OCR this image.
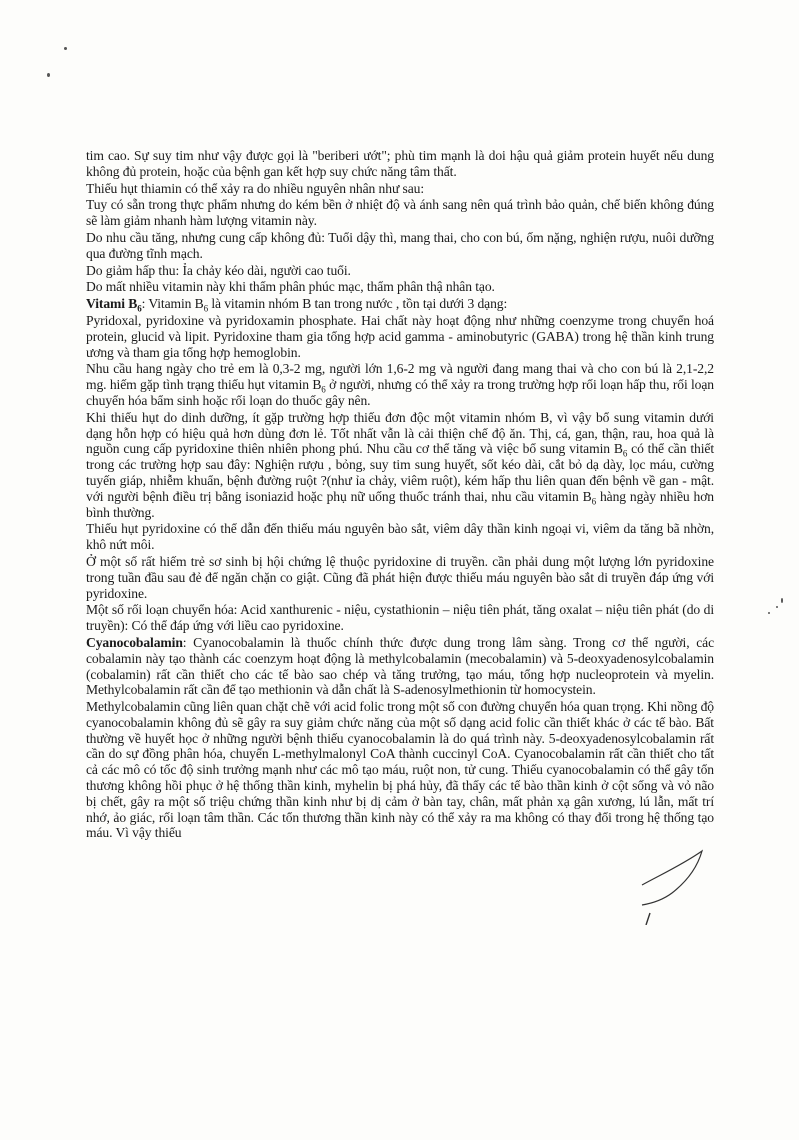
tim cao. Sự suy tim như vậy được gọi là "beriberi ướt"; phù tim mạnh là doi hậu quả giảm protein huyết nếu dung không đủ protein, hoặc của bệnh gan kết hợp suy chức năng tâm thất.

Thiếu hụt thiamin có thể xảy ra do nhiều nguyên nhân như sau:

Tuy có sẵn trong thực phẩm nhưng do kém bền ở nhiệt độ và ánh sang nên quá trình bảo quản, chế biến không đúng sẽ làm giảm nhanh hàm lượng vitamin này.

Do nhu cầu tăng, nhưng cung cấp không đủ: Tuổi dậy thì, mang thai, cho con bú, ốm nặng, nghiện rượu, nuôi dưỡng qua đường tĩnh mạch.

Do giảm hấp thu: Ỉa chảy kéo dài, người cao tuổi.

Do mất nhiều vitamin này khi thẩm phân phúc mạc, thẩm phân thậ nhân tạo.

Vitami $B_6$: Vitamin $B_6$ là vitamin nhóm B tan trong nước , tồn tại dưới 3 dạng:

Pyridoxal, pyridoxine và pyridoxamin phosphate. Hai chất này hoạt động như những coenzyme trong chuyển hoá protein, glucid và lipit. Pyridoxine tham gia tổng hợp acid gamma - aminobutyric (GABA) trong hệ thần kinh trung ương và tham gia tổng hợp hemoglobin.

Nhu cầu hang ngày cho trẻ em là 0,3-2 mg, người lớn 1,6-2 mg và người đang mang thai và cho con bú là 2,1-2,2 mg. hiếm gặp tình trạng thiếu hụt vitamin $B_6$ ở người, nhưng có thể xảy ra trong trường hợp rối loạn hấp thu, rối loạn chuyển hóa bẩm sinh hoặc rối loạn do thuốc gây nên.

Khi thiếu hụt do dinh dưỡng, ít gặp trường hợp thiếu đơn độc một vitamin nhóm B, vì vậy bổ sung vitamin dưới dạng hỗn hợp có hiệu quả hơn dùng đơn lẻ. Tốt nhất vẫn là cải thiện chế độ ăn. Thị, cá, gan, thận, rau, hoa quả là nguồn cung cấp pyridoxine thiên nhiên phong phú. Nhu cầu cơ thể tăng và việc bổ sung vitamin $B_6$ có thể cần thiết trong các trường hợp sau đây: Nghiện rượu , bỏng, suy tim sung huyết, sốt kéo dài, cắt bỏ dạ dày, lọc máu, cường tuyến giáp, nhiễm khuẩn, bệnh đường ruột ?(như ỉa chảy, viêm ruột), kém hấp thu liên quan đến bệnh về gan - mật. với người bệnh điều trị bằng isoniazid hoặc phụ nữ uống thuốc tránh thai, nhu cầu vitamin $B_6$ hàng ngày nhiều hơn bình thường.

Thiếu hụt pyridoxine có thể dẫn đến thiếu máu nguyên bào sắt, viêm dây thần kinh ngoại vi, viêm da tăng bã nhờn, khô nứt môi.

Ở một số rất hiếm trẻ sơ sinh bị hội chứng lệ thuộc pyridoxine di truyền. cần phải dung một lượng lớn pyridoxine trong tuần đầu sau đẻ để ngăn chặn co giật. Cũng đã phát hiện được thiếu máu nguyên bào sắt di truyền đáp ứng với pyridoxine.

Một số rối loạn chuyển hóa: Acid xanthurenic - niệu, cystathionin – niệu tiên phát, tăng oxalat – niệu tiên phát (do di truyền): Có thể đáp ứng với liều cao pyridoxine.

Cyanocobalamin: Cyanocobalamin là thuốc chính thức được dung trong lâm sàng. Trong cơ thể người, các cobalamin này tạo thành các coenzym hoạt động là methylcobalamin (mecobalamin) và 5-deoxyadenosylcobalamin (cobalamin) rất cần thiết cho các tế bào sao chép và tăng trưởng, tạo máu, tổng hợp nucleoprotein và myelin. Methylcobalamin rất cần để tạo methionin và dẫn chất là S-adenosylmethionin từ homocystein.

Methylcobalamin cũng liên quan chặt chẽ với acid folic trong một số con đường chuyển hóa quan trọng. Khi nồng độ cyanocobalamin không đủ sẽ gây ra suy giảm chức năng của một số dạng acid folic cần thiết khác ở các tế bào. Bất thường về huyết học ở những người bệnh thiếu cyanocobalamin là do quá trình này. 5-deoxyadenosylcobalamin rất cần do sự đồng phân hóa, chuyển L-methylmalonyl CoA thành cuccinyl CoA. Cyanocobalamin rất cần thiết cho tất cả các mô có tốc độ sinh trưởng mạnh như các mô tạo máu, ruột non, tử cung. Thiếu cyanocobalamin có thể gây tổn thương không hồi phục ở hệ thống thần kinh, myhelin bị phá hủy, đã thấy các tế bào thần kinh ở cột sống và vỏ não bị chết, gây ra một số triệu chứng thần kinh như bị dị cảm ở bàn tay, chân, mất phản xạ gân xương, lú lẫn, mất trí nhớ, ảo giác, rối loạn tâm thần. Các tổn thương thần kinh này có thể xảy ra ma không có thay đổi trong hệ thống tạo máu. Vì vậy thiếu
